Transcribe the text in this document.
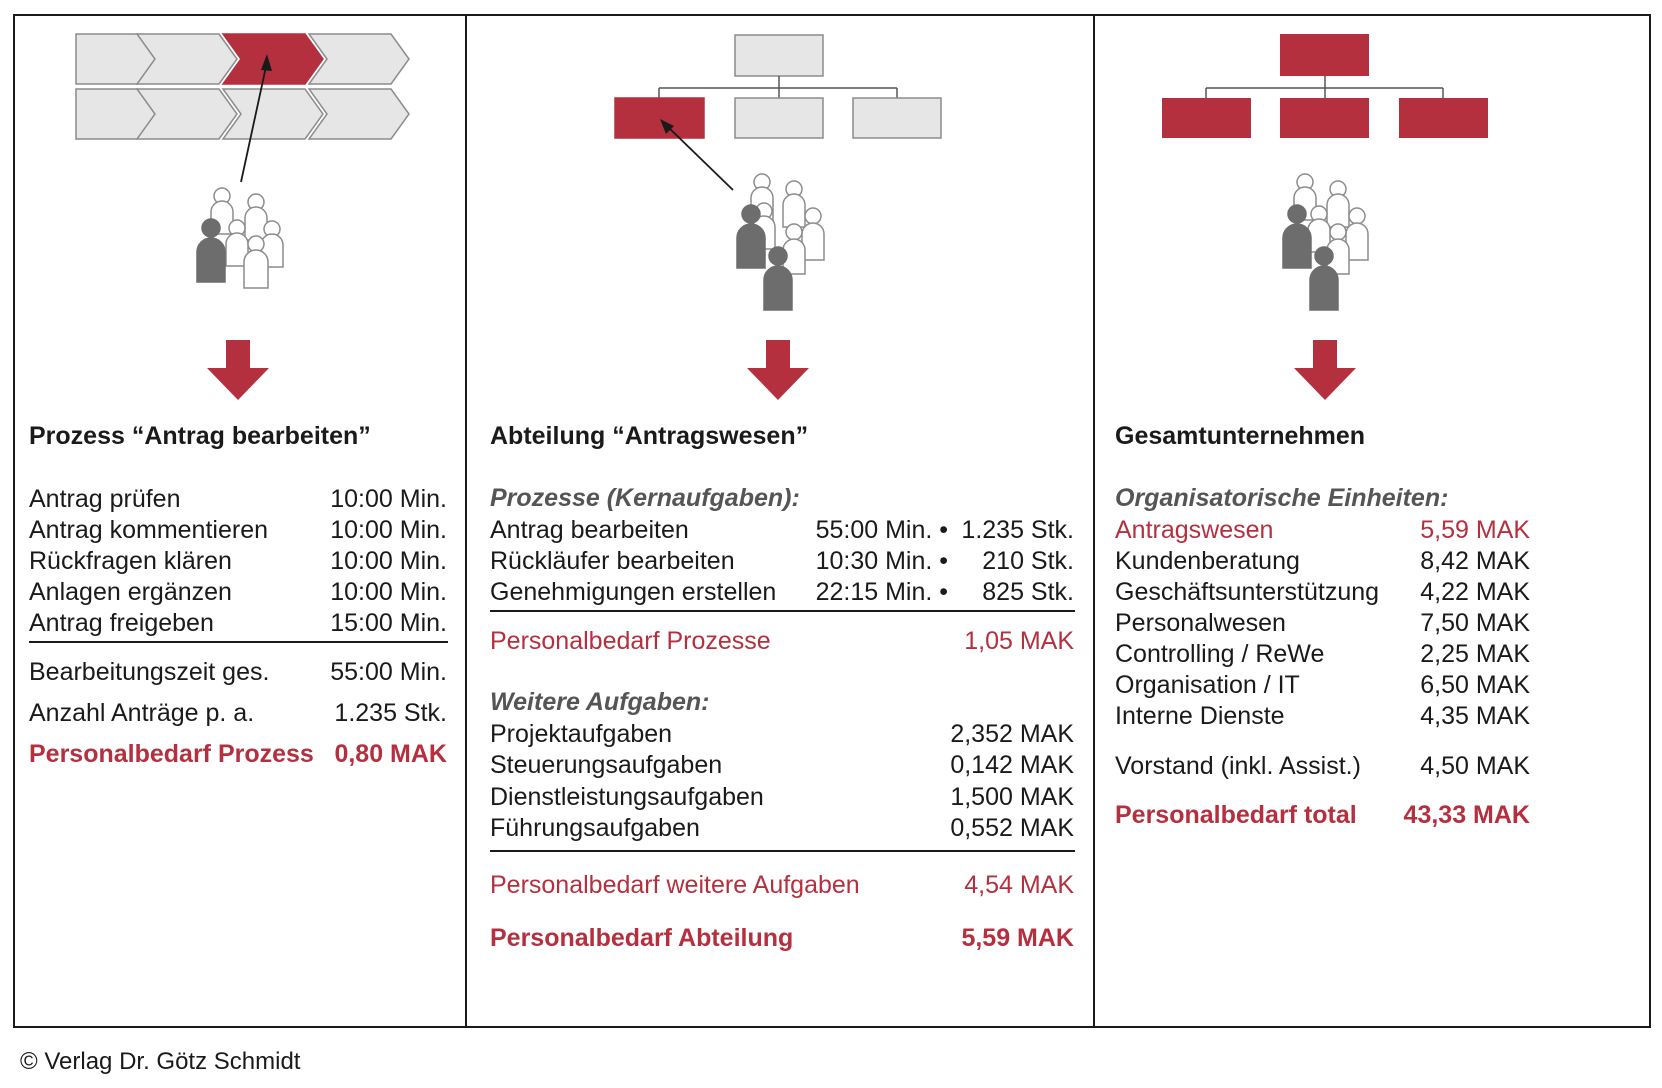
Prozess “Antrag bearbeiten”
Antrag prüfen	10:00 Min.
Antrag kommentieren 10:00 Min.
Rückfragen klären	10:00 Min.
Anlagen ergänzen	10:00 Min.
Antrag freigeben	15:00 Min.
Bearbeitungszeit ges. 55:00 Min.
Anzahl Anträge p. a.	1.235 Stk.
Personalbedarf Prozess 0,80 MAK
Abteilung “Antragswesen”
Prozesse (Kernaufgaben):
Antrag bearbeiten	55:00 Min. • 1.235 Stk.
Rückläufer bearbeiten	10:30 Min. • 210 Stk.
Genehmigungen erstellen 22:15 Min. • 825 Stk.
Personalbedarf Prozesse	1,05 MAK
Weitere Aufgaben:
Projektaufgaben	2,352 MAK
Steuerungsaufgaben	0,142 MAK
Dienstleistungsaufgaben	1,500 MAK
Führungsaufgaben	0,552 MAK
Personalbedarf weitere Aufgaben	4,54 MAK
Personalbedarf Abteilung	5,59 MAK
Gesamtunternehmen
Organisatorische Einheiten:
Antragswesen	5,59 MAK
Kundenberatung	8,42 MAK
Geschäftsunterstützung 4,22 MAK
Personalwesen	7,50 MAK
Controlling / ReWe	2,25 MAK
Organisation / IT	6,50 MAK
Interne Dienste	4,35 MAK
Vorstand (inkl. Assist.) 4,50 MAK
Personalbedarf total 43,33 MAK
© Verlag Dr. Götz Schmidt
